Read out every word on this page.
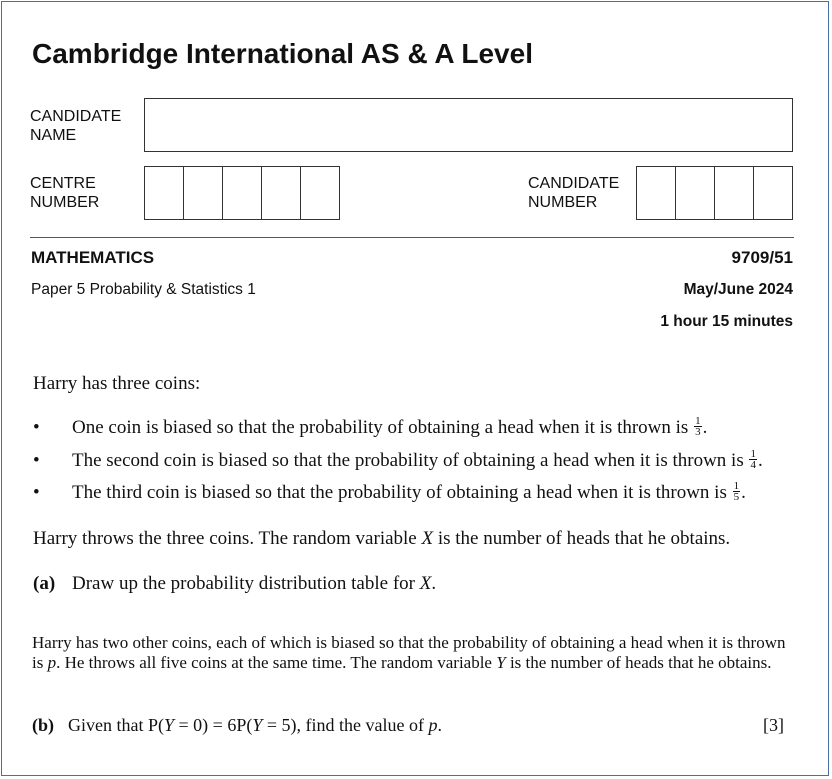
Cambridge International AS & A Level
CANDIDATE
NAME
CENTRE
NUMBER
CANDIDATE
NUMBER
MATHEMATICS	9709/51
Paper 5 Probability & Statistics 1	May/June 2024
1 hour 15 minutes
Harry has three coins:
• One coin is biased so that the probability of obtaining a head when it is thrown is $\frac{1}{3}$ .
• The second coin is biased so that the probability of obtaining a head when it is thrown is $\frac{1}{4}$ .
• The third coin is biased so that the probability of obtaining a head when it is thrown is $\frac{1}{5}$ .
Harry throws the three coins. The random variable X is the number of heads that he obtains.
(a) Draw up the probability distribution table for X.
Harry has two other coins, each of which is biased so that the probability of obtaining a head when it is thrown is p. He throws all five coins at the same time. The random variable Y is the number of heads that he obtains.
(b) Given that P(Y = 0) = 6P(Y = 5), find the value of p.	[3]
